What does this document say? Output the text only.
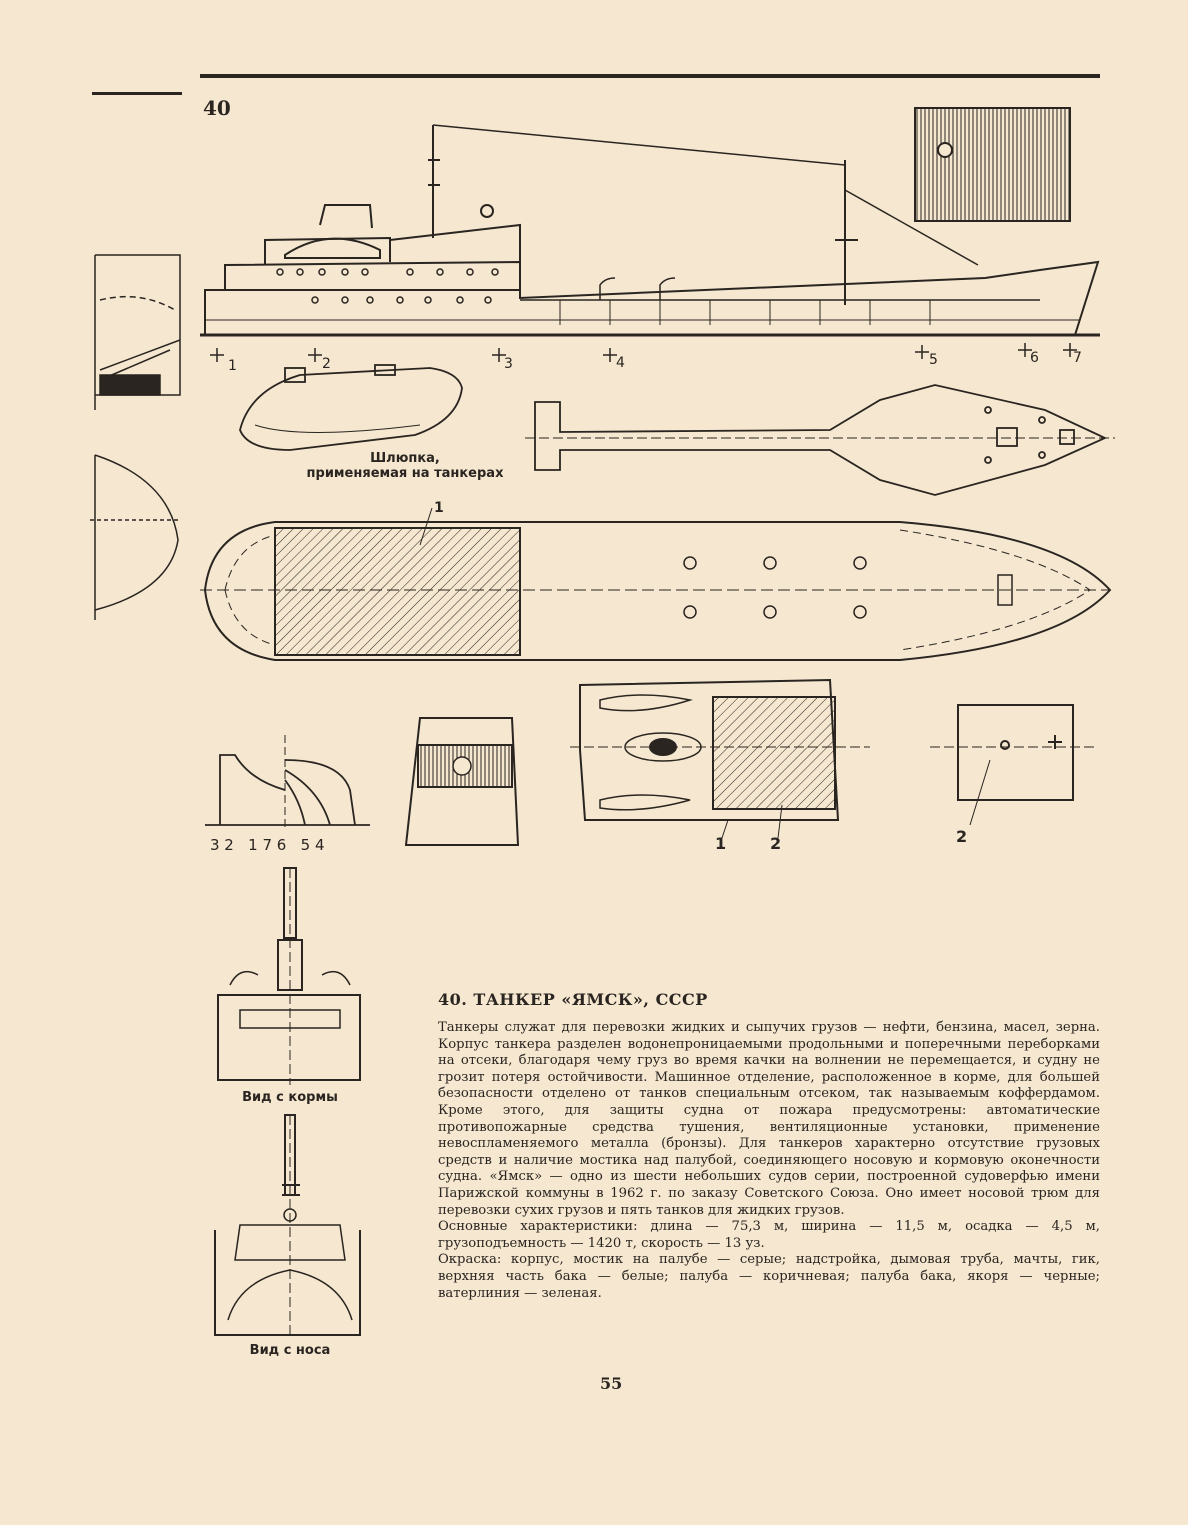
40
Шлюпка,
применяемая на танкерах
1	2	3	4	5	6 7
1
3 2   1 7 6   5 4	1	2	2
Вид с кормы
Вид с носа
40. ТАНКЕР «ЯМСК», СССР

Танкеры служат для перевозки жидких и сыпучих грузов — нефти, бензина, масел, зерна. Корпус танкера разделен водонепроницаемыми продольными и поперечными переборками на отсеки, благодаря чему груз во время качки на волнении не перемещается, и судну не грозит потеря остойчивости. Машинное отделение, расположенное в корме, для большей безопасности отделено от танков специальным отсеком, так называемым коффердамом. Кроме этого, для защиты судна от пожара предусмотрены: автоматические противопожарные средства тушения, вентиляционные установки, применение невоспламеняемого металла (бронзы). Для танкеров характерно отсутствие грузовых средств и наличие мостика над палубой, соединяющего носовую и кормовую оконечности судна. «Ямск» — одно из шести небольших судов серии, построенной судоверфью имени Парижской коммуны в 1962 г. по заказу Советского Союза. Оно имеет носовой трюм для перевозки сухих грузов и пять танков для жидких грузов.

Основные характеристики: длина — 75,3 м, ширина — 11,5 м, осадка — 4,5 м, грузоподъемность — 1420 т, скорость — 13 уз.

Окраска: корпус, мостик на палубе — серые; надстройка, дымовая труба, мачты, гик, верхняя часть бака — белые; палуба — коричневая; палуба бака, якоря — черные; ватерлиния — зеленая.

55
